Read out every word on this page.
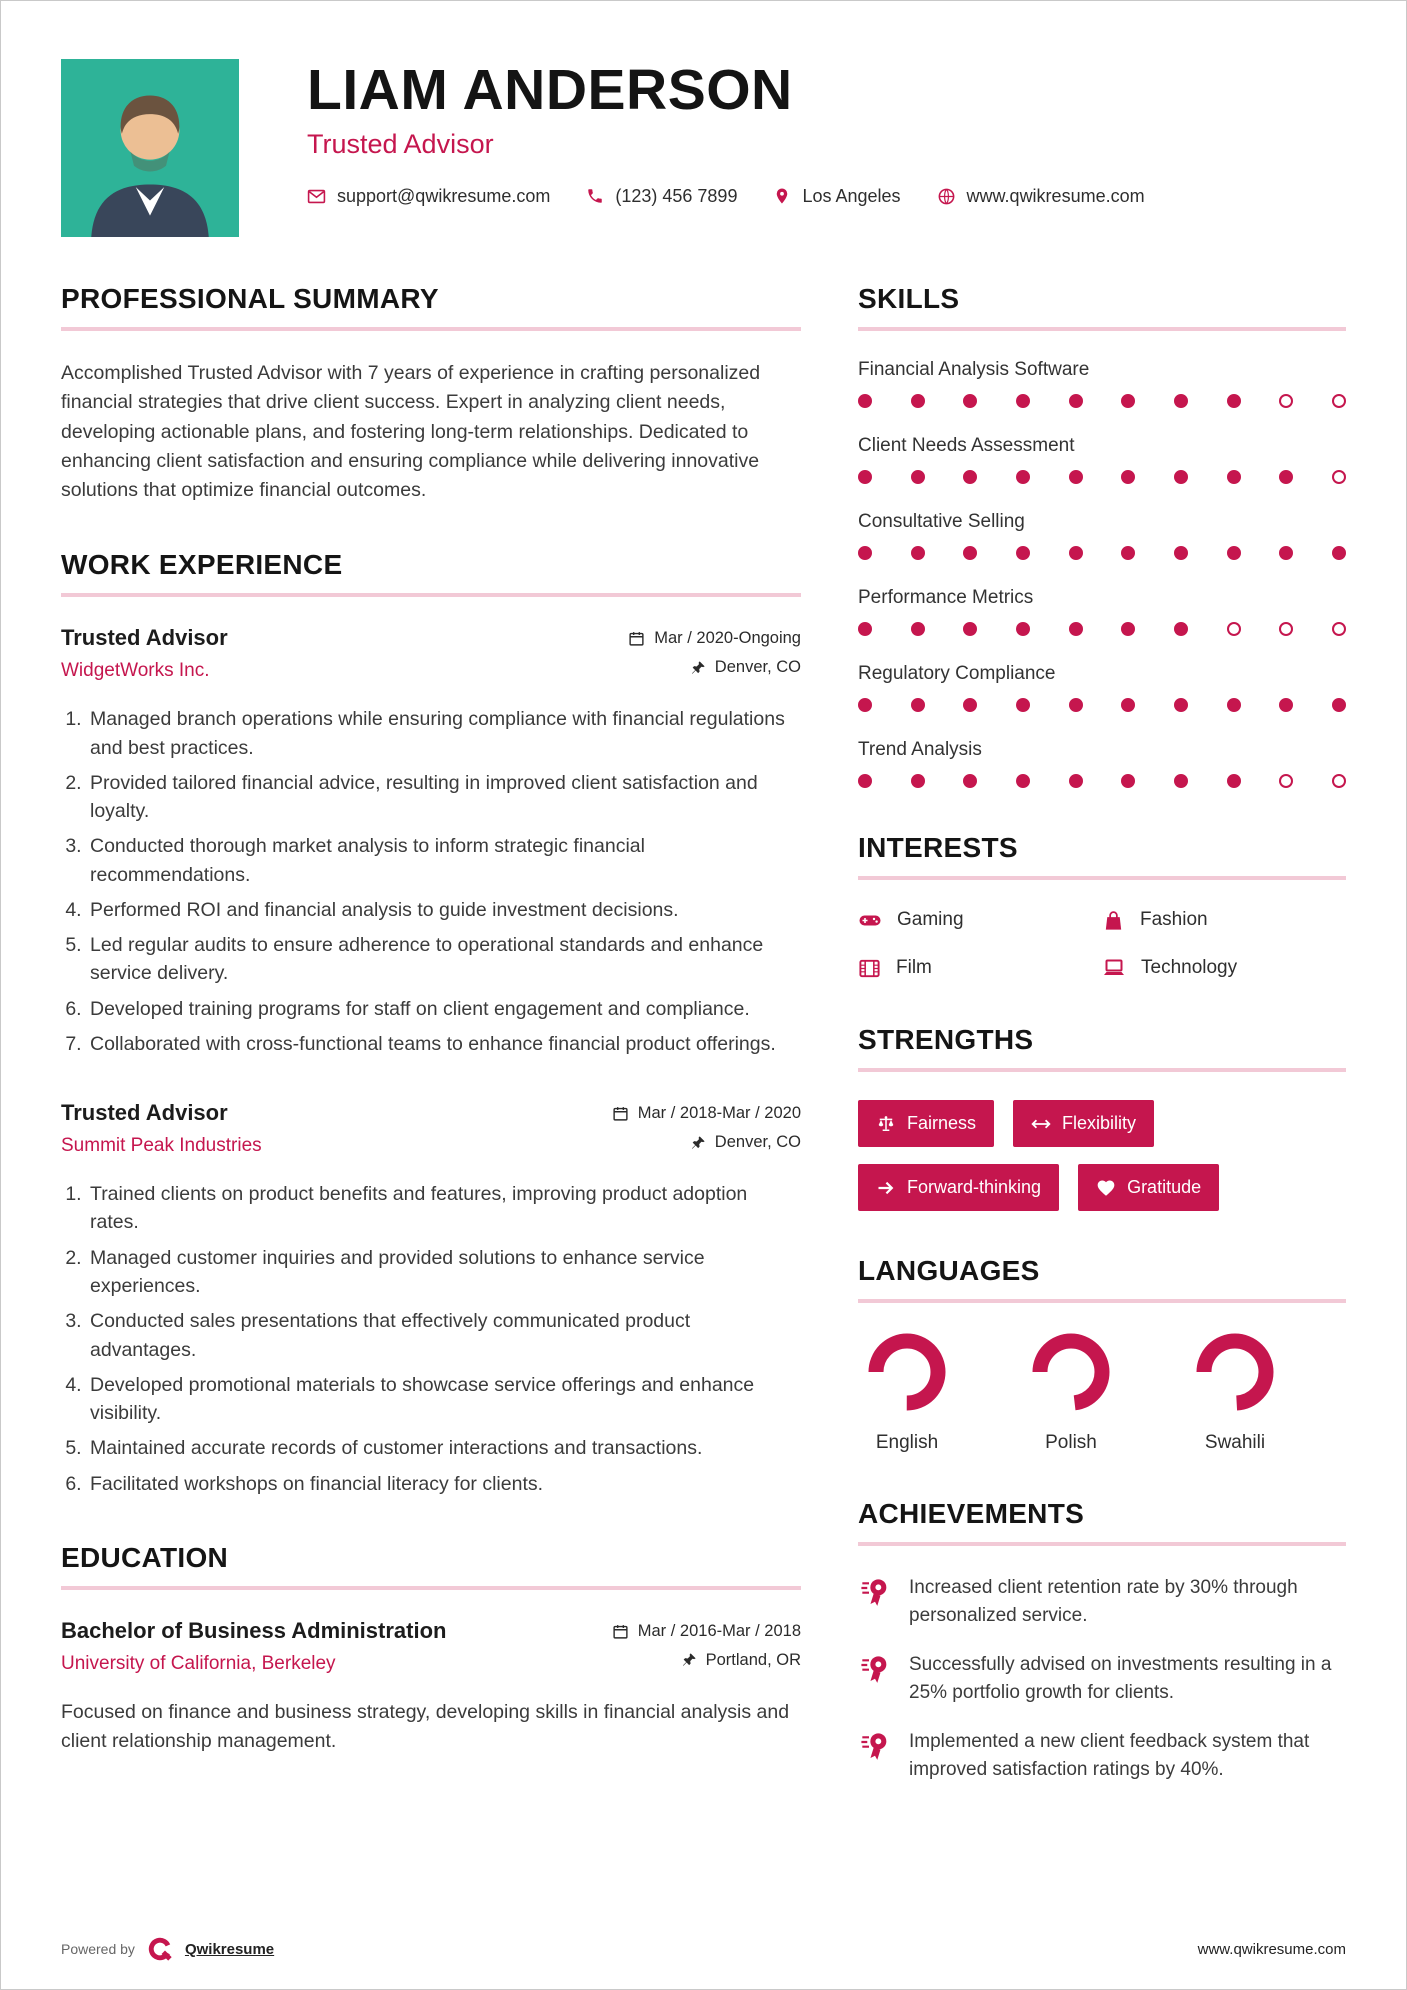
LIAM ANDERSON
Trusted Advisor
support@qwikresume.com	(123) 456 7899	Los Angeles	www.qwikresume.com
PROFESSIONAL SUMMARY

Accomplished Trusted Advisor with 7 years of experience in crafting personalized financial strategies that drive client success. Expert in analyzing client needs, developing actionable plans, and fostering long-term relationships. Dedicated to enhancing client satisfaction and ensuring compliance while delivering innovative solutions that optimize financial outcomes.

WORK EXPERIENCE
Trusted Advisor
WidgetWorks Inc.
Mar / 2020-Ongoing
Denver, CO
1. Managed branch operations while ensuring compliance with financial regulations and best practices.
2. Provided tailored financial advice, resulting in improved client satisfaction and loyalty.
3. Conducted thorough market analysis to inform strategic financial recommendations.
4. Performed ROI and financial analysis to guide investment decisions.
5. Led regular audits to ensure adherence to operational standards and enhance service delivery.
6. Developed training programs for staff on client engagement and compliance.
7. Collaborated with cross-functional teams to enhance financial product offerings.
Trusted Advisor
Summit Peak Industries
Mar / 2018-Mar / 2020
Denver, CO
1. Trained clients on product benefits and features, improving product adoption rates.
2. Managed customer inquiries and provided solutions to enhance service experiences.
3. Conducted sales presentations that effectively communicated product advantages.
4. Developed promotional materials to showcase service offerings and enhance visibility.
5. Maintained accurate records of customer interactions and transactions.
6. Facilitated workshops on financial literacy for clients.
EDUCATION
Bachelor of Business Administration
University of California, Berkeley
Mar / 2016-Mar / 2018
Portland, OR

Focused on finance and business strategy, developing skills in financial analysis and client relationship management.

SKILLS
Financial Analysis Software
Client Needs Assessment
Consultative Selling
Performance Metrics
Regulatory Compliance
Trend Analysis
INTERESTS
Gaming	Fashion
Film	Technology
STRENGTHS
Fairness	Flexibility
Forward-thinking	Gratitude
LANGUAGES
English	Polish	Swahili
ACHIEVEMENTS
Increased client retention rate by 30% through personalized service.
Successfully advised on investments resulting in a 25% portfolio growth for clients.
Implemented a new client feedback system that improved satisfaction ratings by 40%.
Powered by	Qwikresume	www.qwikresume.com
